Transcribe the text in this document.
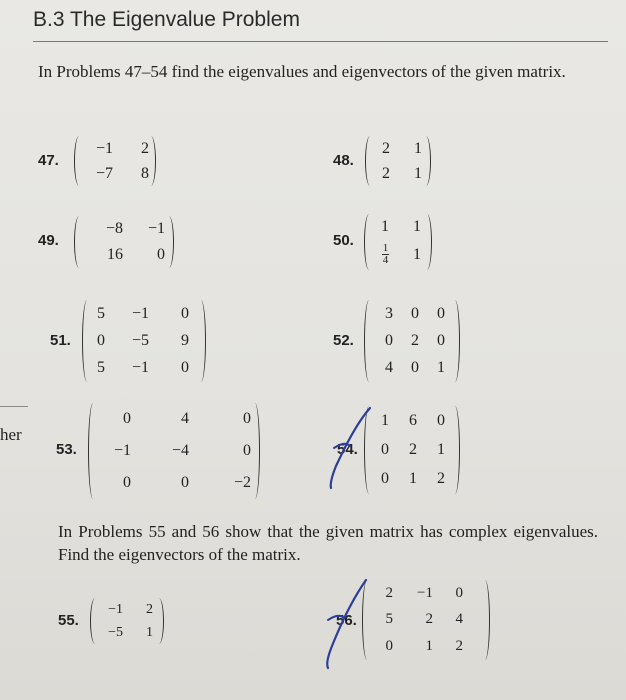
B.3 The Eigenvalue Problem
In Problems 47–54 find the eigenvalues and eigenvectors of the given matrix.
her
47.
−1 2
−7 8
48.
2 1
2 1
49.
−8 −1
16 0
50.
1 1
$\frac{1}{4} 1$
51.
5 −1 0
0 −5 9
5 −1 0
52.
3 0 0
0 2 0
4 0 1
53.
0	4	0
−1	−4	0
0	0	−2
54.
1 6 0
0 2 1
0 1 2
In Problems 55 and 56 show that the given matrix has complex eigenvalues. Find the eigenvectors of the matrix.
55.
−1 2
−5 1
56.
2 −1 0
5 2 4
0 1 2
